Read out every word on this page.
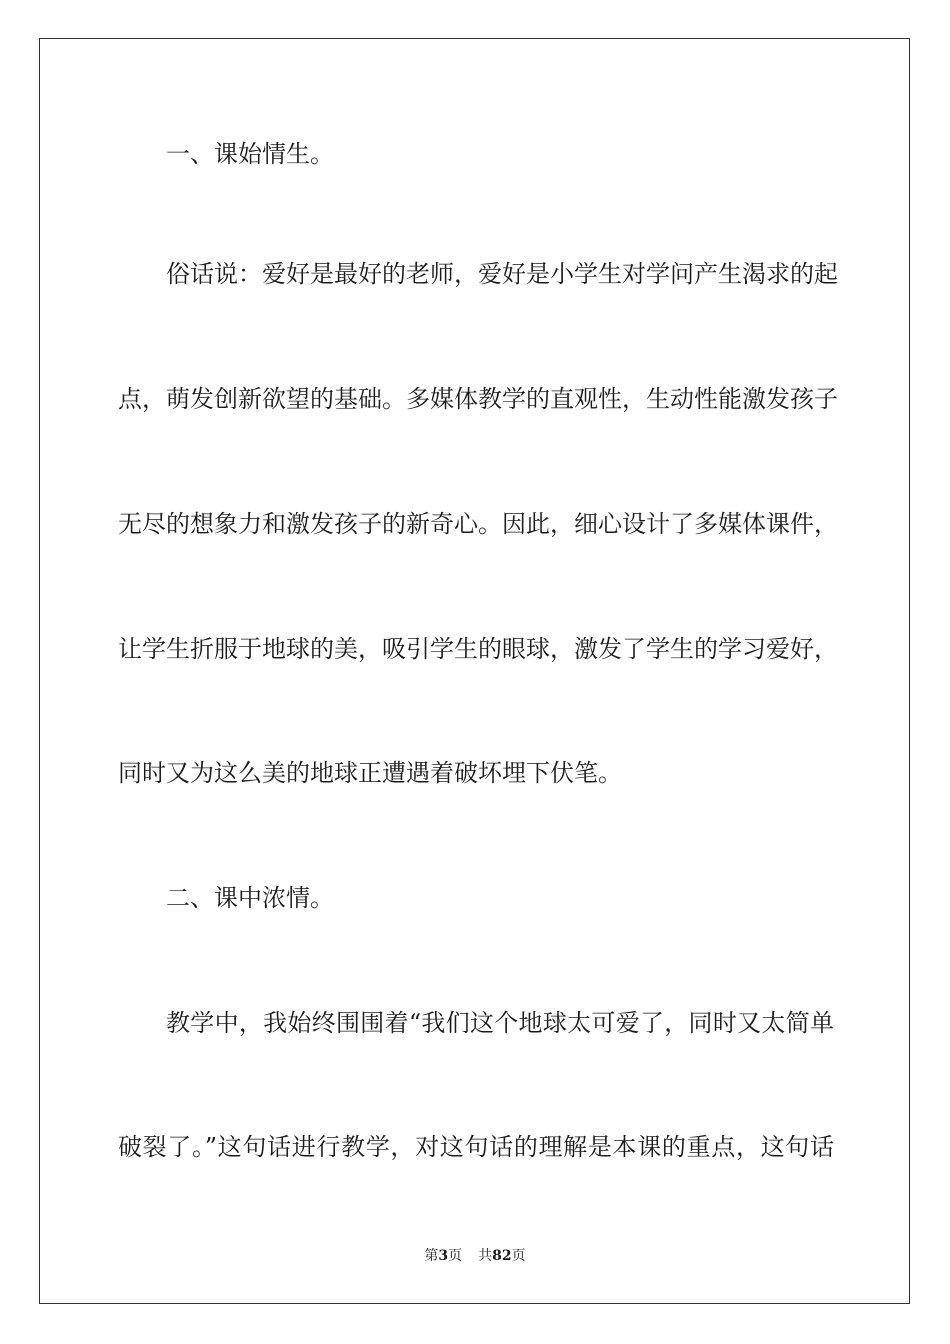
一、课始情生。
俗话说：爱好是最好的老师，爱好是小学生对学问产生渴求的起
点，萌发创新欲望的基础。多媒体教学的直观性，生动性能激发孩子
无尽的想象力和激发孩子的新奇心。因此，细心设计了多媒体课件，
让学生折服于地球的美，吸引学生的眼球，激发了学生的学习爱好，
同时又为这么美的地球正遭遇着破坏埋下伏笔。
二、课中浓情。
教学中，我始终围围着“我们这个地球太可爱了，同时又太简单
破裂了。”这句话进行教学，对这句话的理解是本课的重点，这句话
第3页 共82页
